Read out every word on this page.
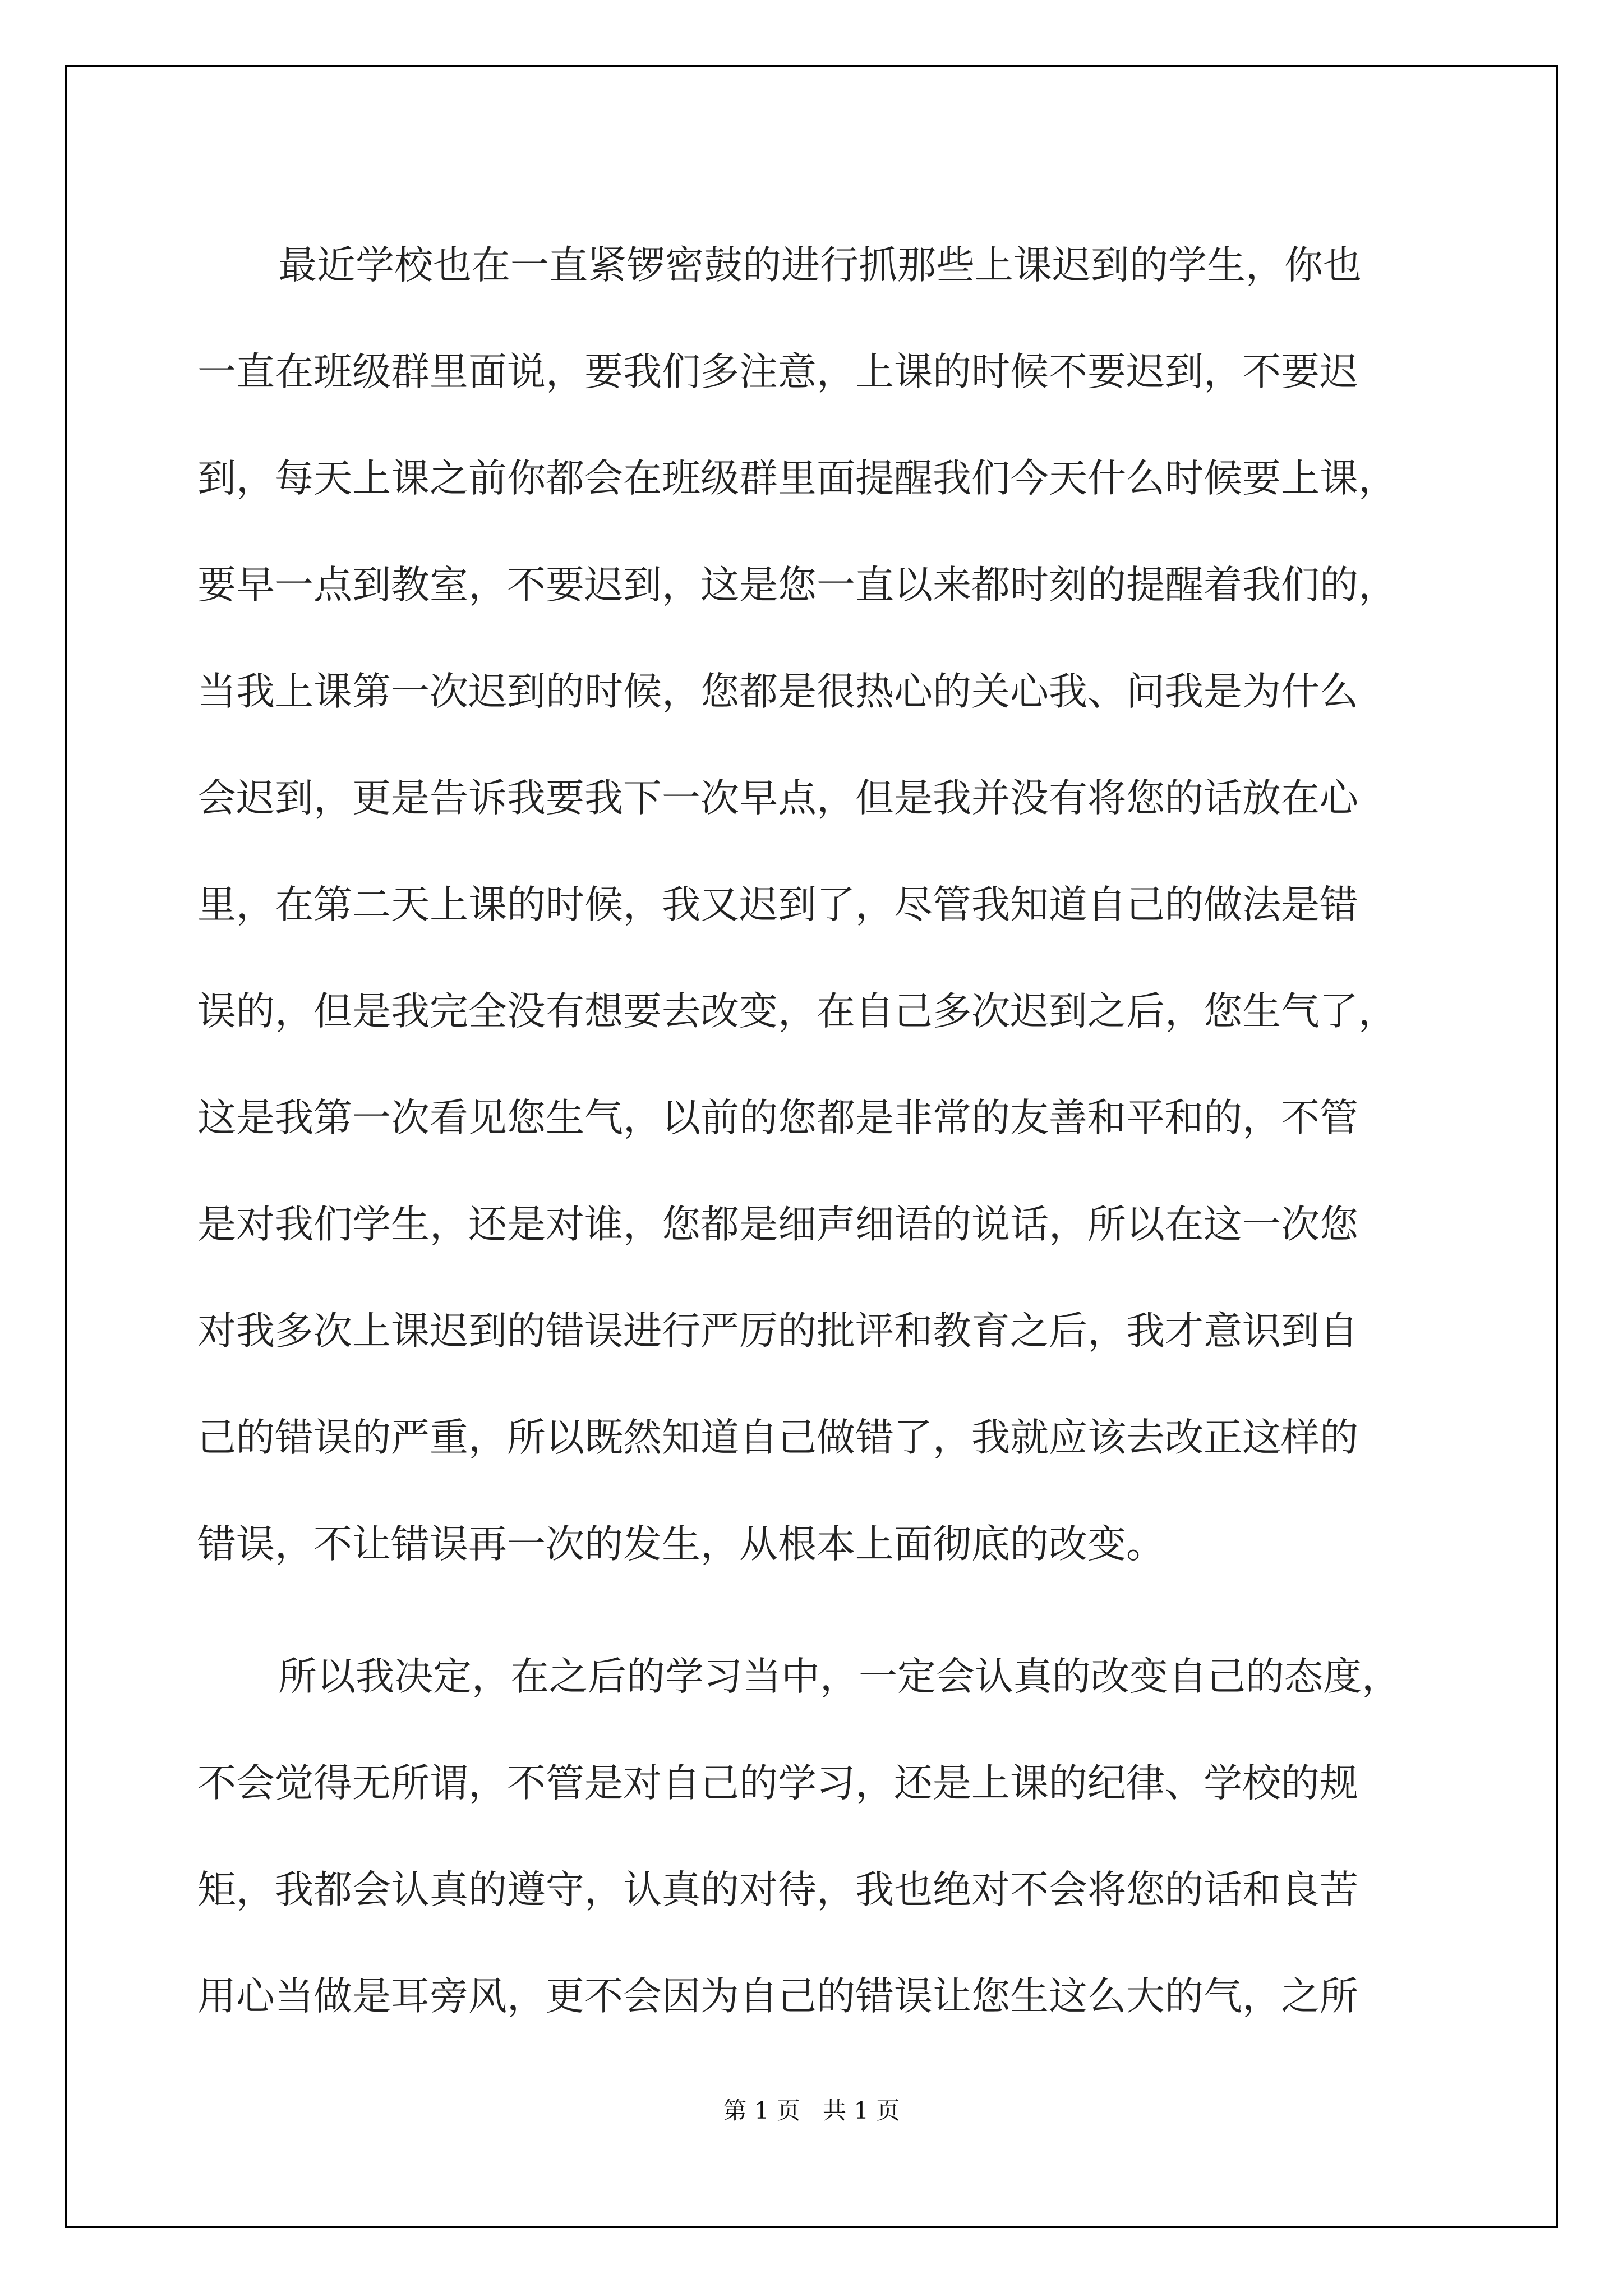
最近学校也在一直紧锣密鼓的进行抓那些上课迟到的学生，你也

一直在班级群里面说，要我们多注意，上课的时候不要迟到，不要迟

到，每天上课之前你都会在班级群里面提醒我们今天什么时候要上课，

要早一点到教室，不要迟到，这是您一直以来都时刻的提醒着我们的，

当我上课第一次迟到的时候，您都是很热心的关心我、问我是为什么

会迟到，更是告诉我要我下一次早点，但是我并没有将您的话放在心

里，在第二天上课的时候，我又迟到了，尽管我知道自己的做法是错

误的，但是我完全没有想要去改变，在自己多次迟到之后，您生气了，

这是我第一次看见您生气，以前的您都是非常的友善和平和的，不管

是对我们学生，还是对谁，您都是细声细语的说话，所以在这一次您

对我多次上课迟到的错误进行严厉的批评和教育之后，我才意识到自

己的错误的严重，所以既然知道自己做错了，我就应该去改正这样的

错误，不让错误再一次的发生，从根本上面彻底的改变。

所以我决定，在之后的学习当中，一定会认真的改变自己的态度，

不会觉得无所谓，不管是对自己的学习，还是上课的纪律、学校的规

矩，我都会认真的遵守，认真的对待，我也绝对不会将您的话和良苦

用心当做是耳旁风，更不会因为自己的错误让您生这么大的气，之所

第 1 页   共 1 页
